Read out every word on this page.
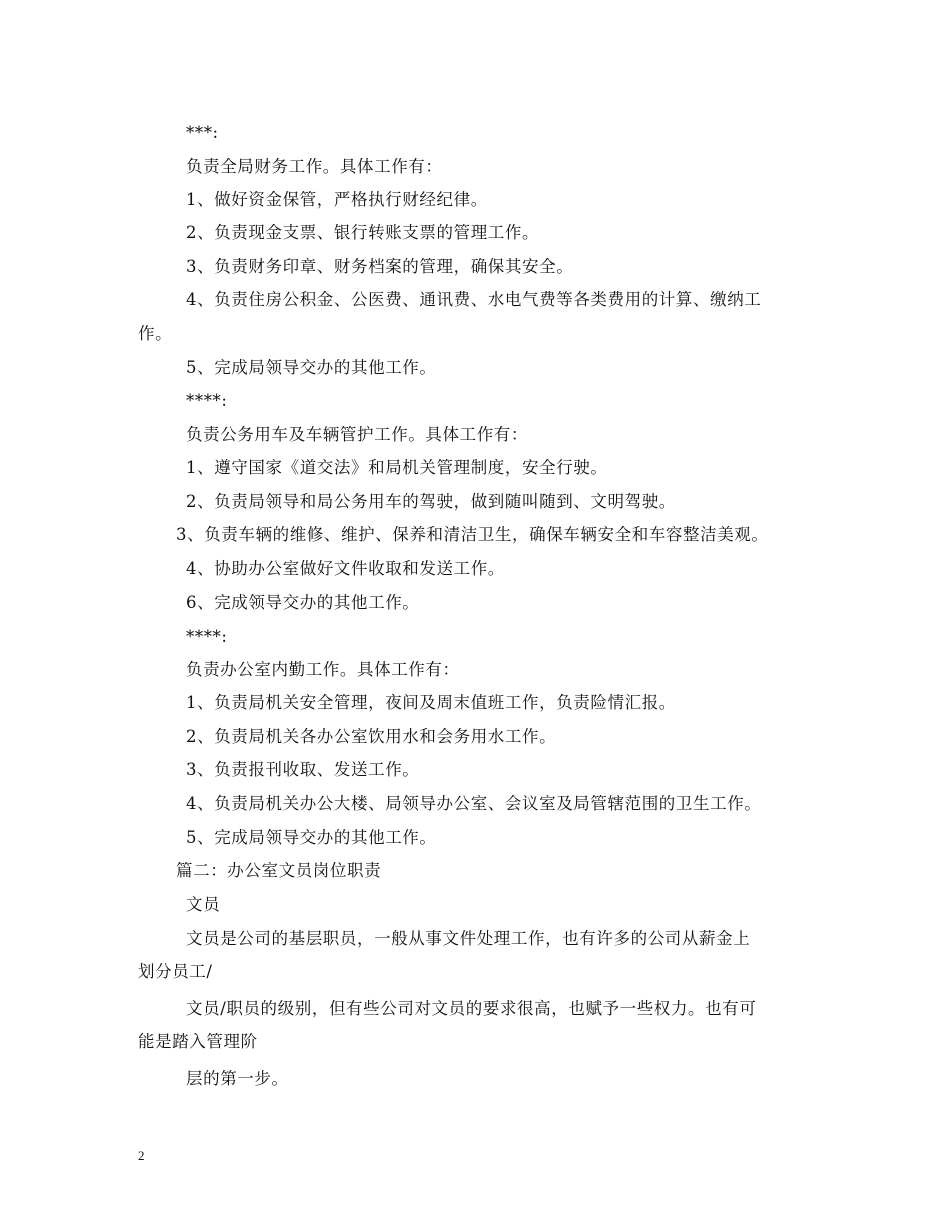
***:
负责全局财务工作。具体工作有：
1、做好资金保管，严格执行财经纪律。
2、负责现金支票、银行转账支票的管理工作。
3、负责财务印章、财务档案的管理，确保其安全。
4、负责住房公积金、公医费、通讯费、水电气费等各类费用的计算、缴纳工
作。
5、完成局领导交办的其他工作。
****:
负责公务用车及车辆管护工作。具体工作有：
1、遵守国家《道交法》和局机关管理制度，安全行驶。
2、负责局领导和局公务用车的驾驶，做到随叫随到、文明驾驶。
3、负责车辆的维修、维护、保养和清洁卫生，确保车辆安全和车容整洁美观。
4、协助办公室做好文件收取和发送工作。
6、完成领导交办的其他工作。
****:
负责办公室内勤工作。具体工作有：
1、负责局机关安全管理，夜间及周末值班工作，负责险情汇报。
2、负责局机关各办公室饮用水和会务用水工作。
3、负责报刊收取、发送工作。
4、负责局机关办公大楼、局领导办公室、会议室及局管辖范围的卫生工作。
5、完成局领导交办的其他工作。
篇二：办公室文员岗位职责
文员
文员是公司的基层职员，一般从事文件处理工作，也有许多的公司从薪金上
划分员工/
文员/职员的级别，但有些公司对文员的要求很高，也赋予一些权力。也有可
能是踏入管理阶
层的第一步。
2
